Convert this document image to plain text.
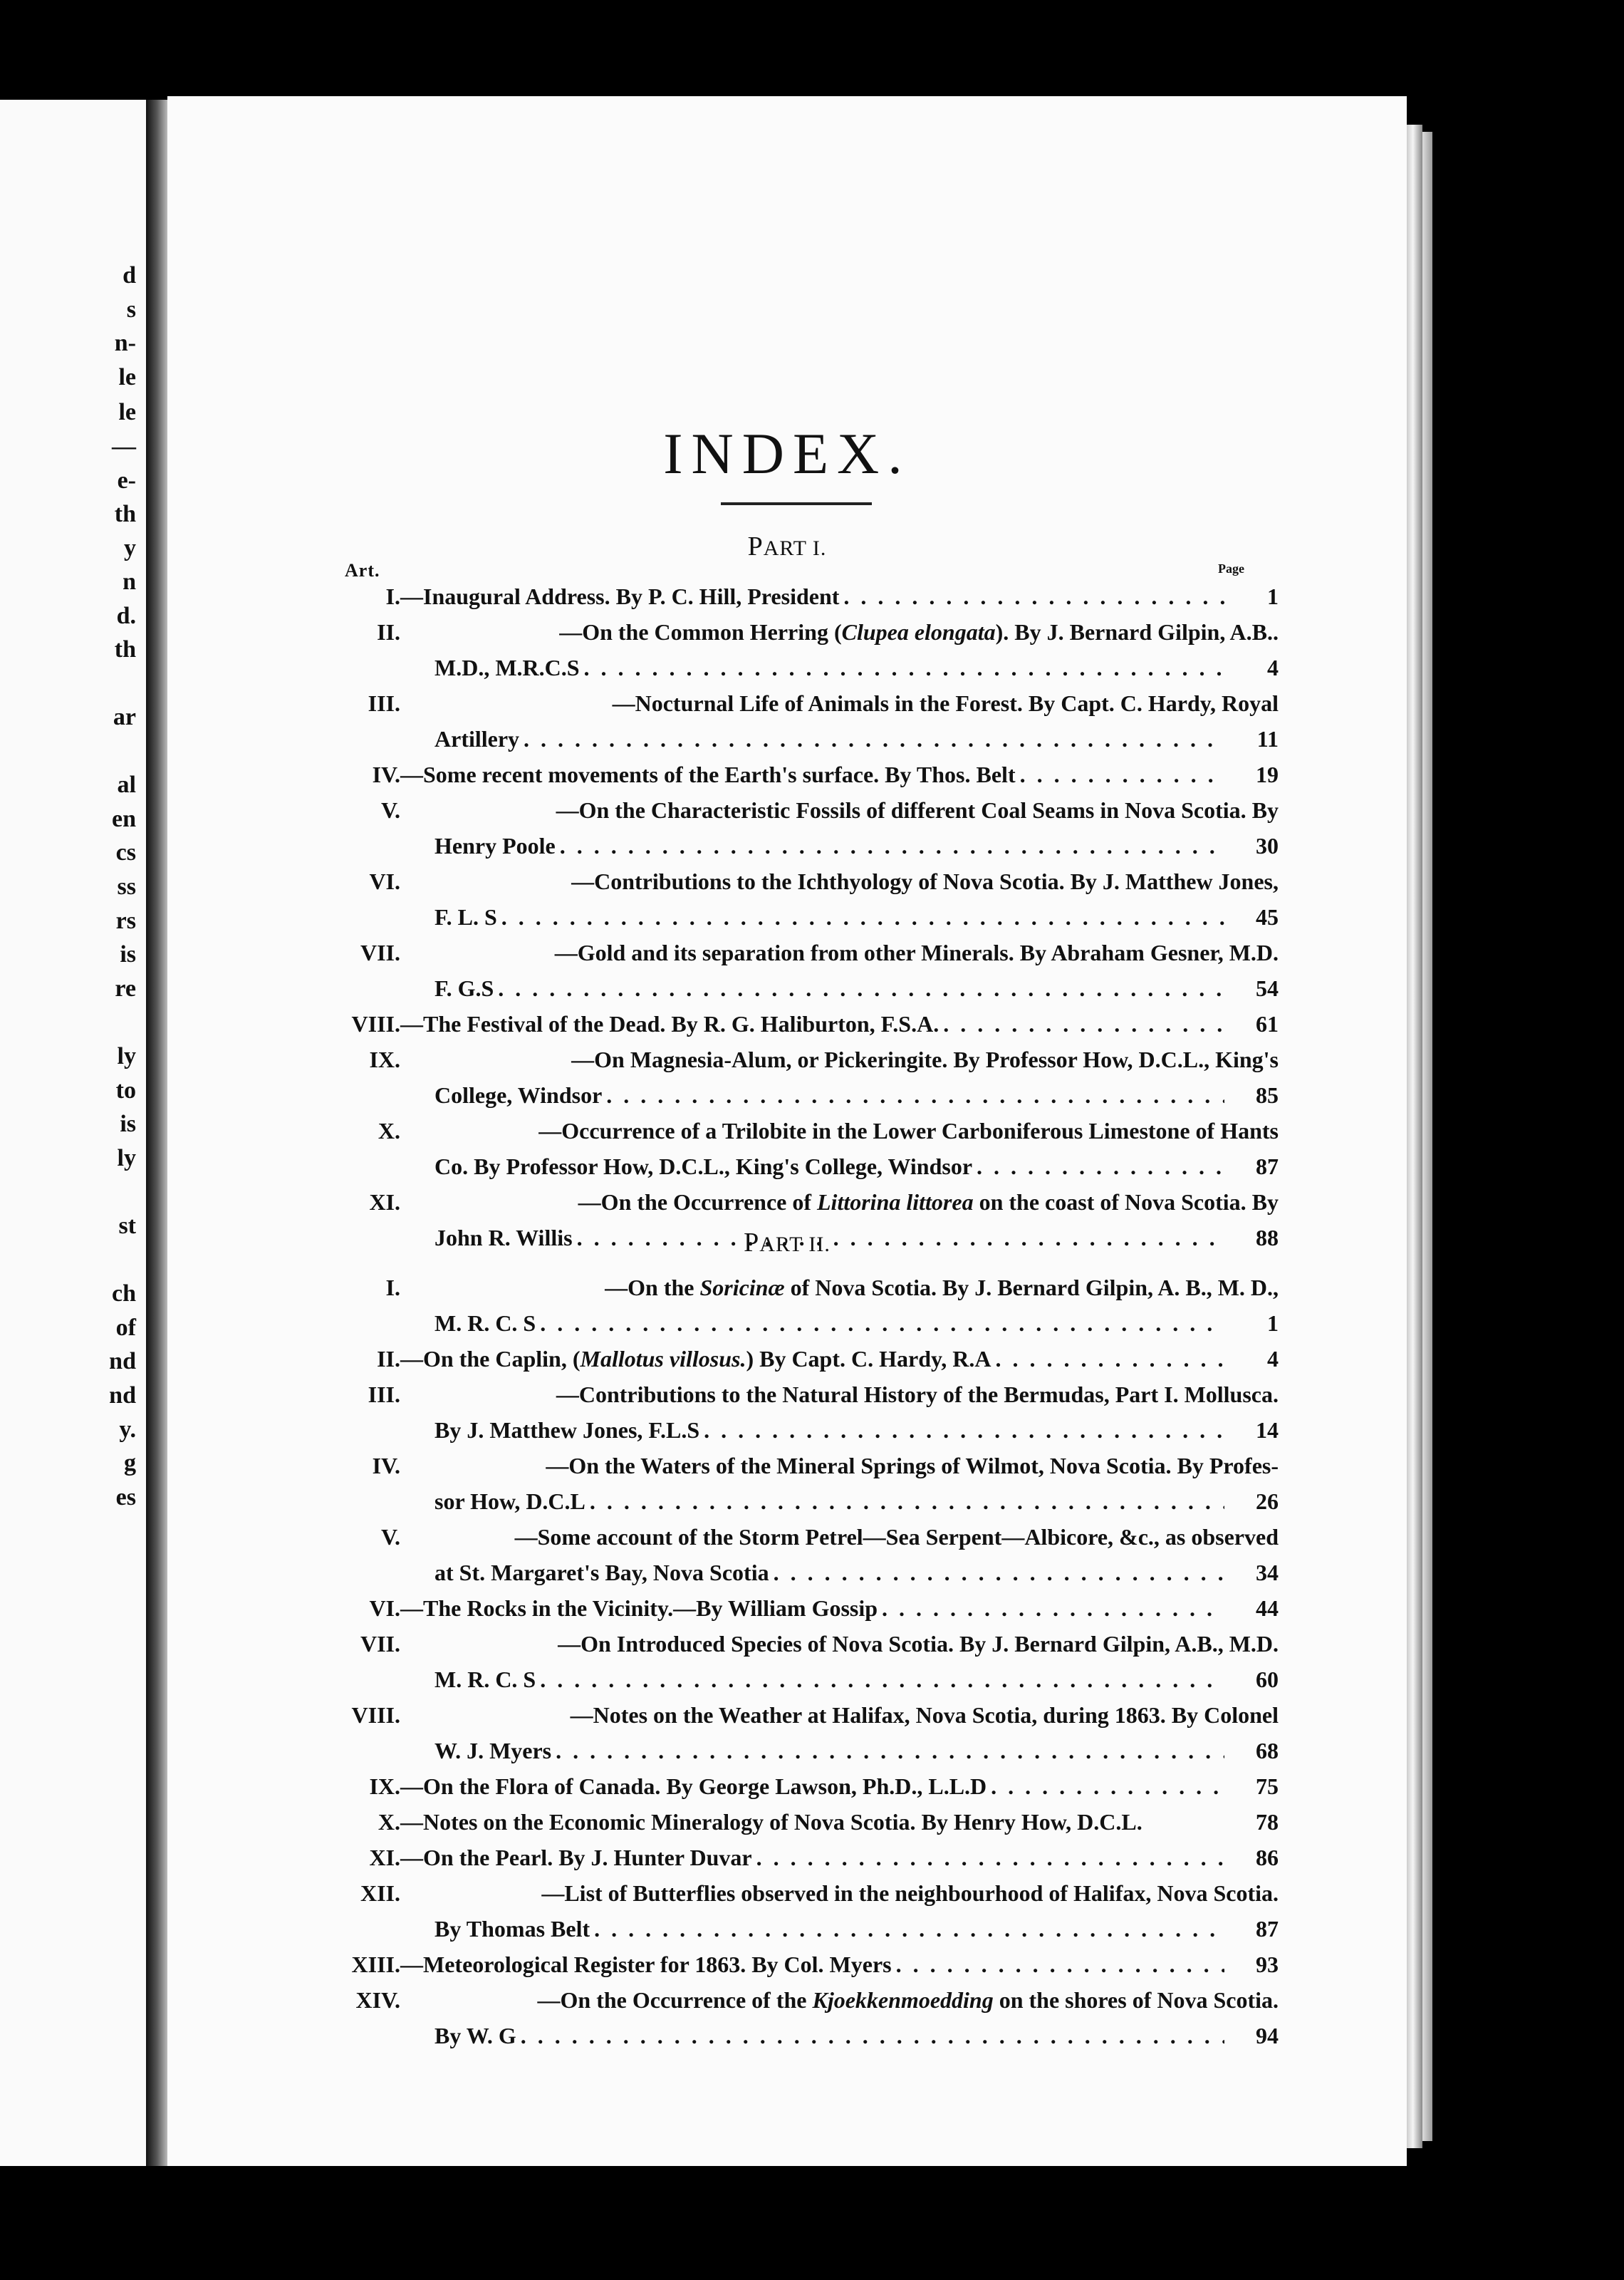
d
s
n-
le
le
—
e-
th
y
n
d.
th
ar
al
en
cs
ss
rs
is
re
ly
to
is
ly
st
ch
of
nd
nd
y.
g
es
INDEX.
PART I.
Art.	Page
I. —Inaugural Address. By P. C. Hill, President . . .	1
II.	—On the Common Herring (Clupea elongata). By J. Bernard Gilpin, A.B..
M.D., M.R.C.S . . .	4
III.	—Nocturnal Life of Animals in the Forest. By Capt. C. Hardy, Royal
Artillery . . .	11
IV. —Some recent movements of the Earth's surface. By Thos. Belt . . .	19
V.	—On the Characteristic Fossils of different Coal Seams in Nova Scotia. By
Henry Poole . . .	30
VI.	—Contributions to the Ichthyology of Nova Scotia. By J. Matthew Jones,
F. L. S . . .	45
VII.	—Gold and its separation from other Minerals. By Abraham Gesner, M.D.
F. G.S . . .	54
VIII. —The Festival of the Dead. By R. G. Haliburton, F.S.A. . . .	61
IX.	—On Magnesia-Alum, or Pickeringite. By Professor How, D.C.L., King's
College, Windsor . . .	85
X.	—Occurrence of a Trilobite in the Lower Carboniferous Limestone of Hants
Co. By Professor How, D.C.L., King's College, Windsor . . .	87
XI.	—On the Occurrence of Littorina littorea on the coast of Nova Scotia. By
John R. Willis . . .	88
PART II.
I.	—On the Soricinæ of Nova Scotia. By J. Bernard Gilpin, A. B., M. D.,
M. R. C. S . . .	1
II. —On the Caplin, (Mallotus villosus.) By Capt. C. Hardy, R.A . . .	4
III.	—Contributions to the Natural History of the Bermudas, Part I. Mollusca.
By J. Matthew Jones, F.L.S . . .	14
IV.	—On the Waters of the Mineral Springs of Wilmot, Nova Scotia. By Profes-
sor How, D.C.L . . .	26
V.	—Some account of the Storm Petrel—Sea Serpent—Albicore, &c., as observed
at St. Margaret's Bay, Nova Scotia . . .	34
VI. —The Rocks in the Vicinity.—By William Gossip . . .	44
VII.	—On Introduced Species of Nova Scotia. By J. Bernard Gilpin, A.B., M.D.
M. R. C. S . . .	60
VIII.	—Notes on the Weather at Halifax, Nova Scotia, during 1863. By Colonel
W. J. Myers . . .	68
IX. —On the Flora of Canada. By George Lawson, Ph.D., L.L.D . . .	75
X. —Notes on the Economic Mineralogy of Nova Scotia. By Henry How, D.C.L.	78
XI. —On the Pearl. By J. Hunter Duvar . . .	86
XII.	—List of Butterflies observed in the neighbourhood of Halifax, Nova Scotia.
By Thomas Belt . . .	87
XIII. —Meteorological Register for 1863. By Col. Myers . . .	93
XIV.	—On the Occurrence of the Kjoekkenmoedding on the shores of Nova Scotia.
By W. G . . .	94
